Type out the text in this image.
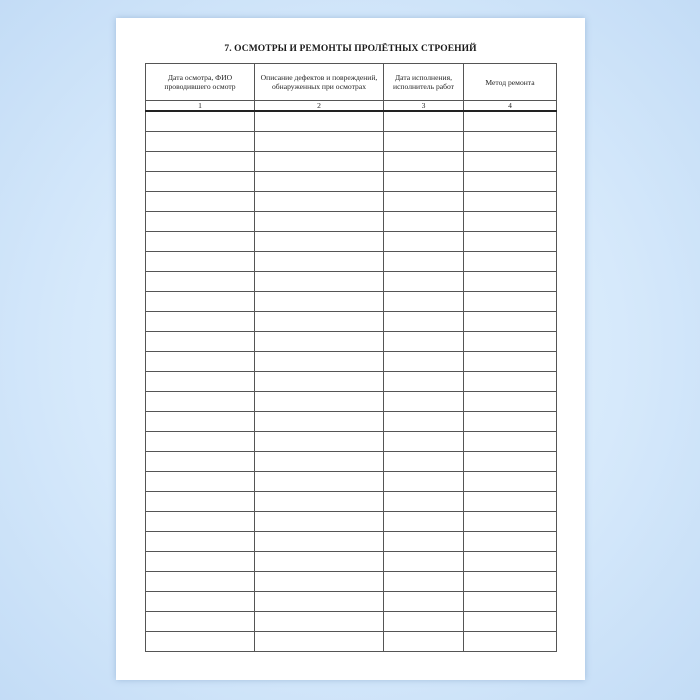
7. ОСМОТРЫ И РЕМОНТЫ ПРОЛЁТНЫХ СТРОЕНИЙ
Дата осмотра, ФИО проводившего осмотр	Описание дефектов и повреждений, обнаруженных при осмотрах	Дата исполнения, исполнитель работ	Метод ремонта
1	2	3	4
